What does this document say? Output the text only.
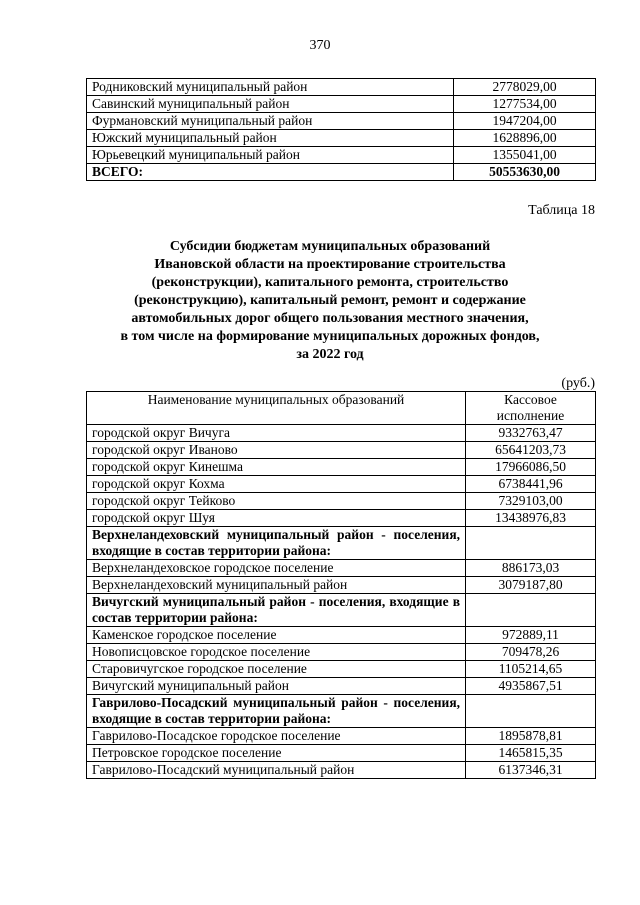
370
Родниковский муниципальный район	2778029,00
Савинский муниципальный район	1277534,00
Фурмановский муниципальный район	1947204,00
Южский муниципальный район	1628896,00
Юрьевецкий муниципальный район	1355041,00
ВСЕГО:	50553630,00
Таблица 18
Субсидии бюджетам муниципальных образований
Ивановской области на проектирование строительства
(реконструкции), капитального ремонта, строительство
(реконструкцию), капитальный ремонт, ремонт и содержание
автомобильных дорог общего пользования местного значения,
в том числе на формирование муниципальных дорожных фондов,
за 2022 год
(руб.)
Наименование муниципальных образований	Кассовое исполнение
городской округ Вичуга	9332763,47
городской округ Иваново	65641203,73
городской округ Кинешма	17966086,50
городской округ Кохма	6738441,96
городской округ Тейково	7329103,00
городской округ Шуя	13438976,83
Верхнеландеховский муниципальный район - поселения, входящие в состав территории района:	
Верхнеландеховское городское поселение	886173,03
Верхнеландеховский муниципальный район	3079187,80
Вичугский муниципальный район - поселения, входящие в состав территории района:	
Каменское городское поселение	972889,11
Новописцовское городское поселение	709478,26
Старовичугское городское поселение	1105214,65
Вичугский муниципальный район	4935867,51
Гаврилово-Посадский муниципальный район - поселения, входящие в состав территории района:	
Гаврилово-Посадское городское поселение	1895878,81
Петровское городское поселение	1465815,35
Гаврилово-Посадский муниципальный район	6137346,31
